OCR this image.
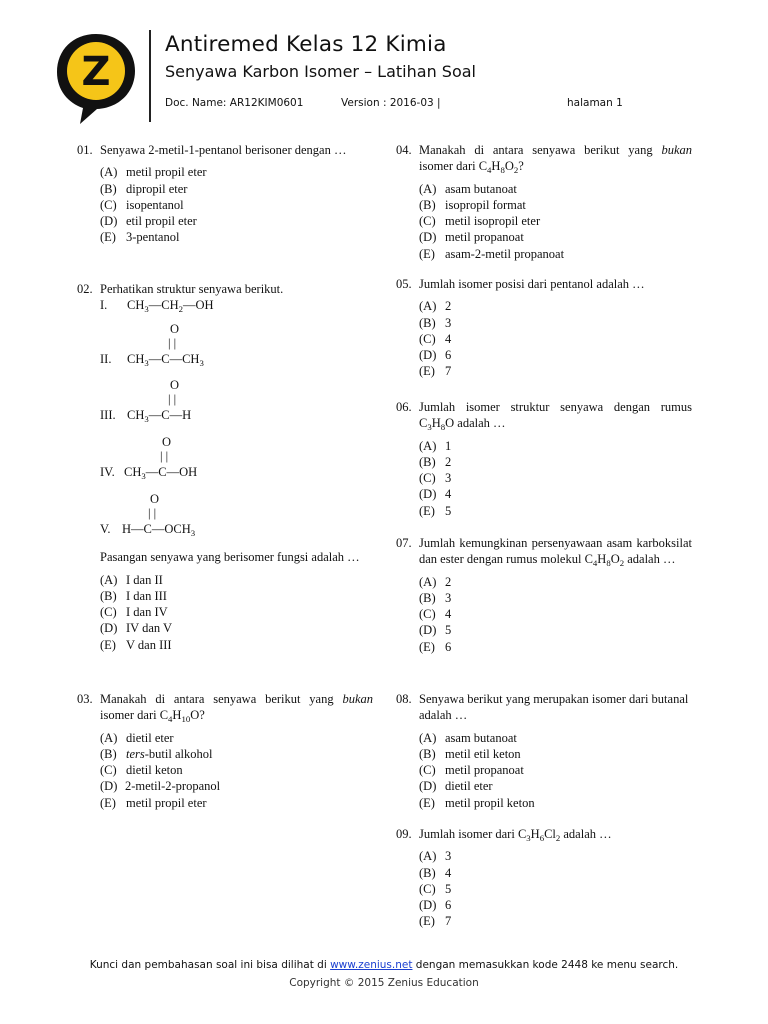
Z
Antiremed Kelas 12 Kimia
Senyawa Karbon Isomer – Latihan Soal
Doc. Name: AR12KIM0601	Version : 2016-03 |	halaman 1
01. Senyawa 2-metil-1-pentanol berisoner dengan …
(A) metil propil eter
(B) dipropil eter
(C) isopentanol
(D) etil propil eter
(E) 3-pentanol
02. Perhatikan struktur senyawa berikut.
I. $CH_3—CH_2—OH$
O
| |
II. $CH_3—C—CH_3$
O
| |
III. $CH_3—C—H$
O
| |
IV. $CH_3—C—OH$
O
| |
V. $H—C—OCH_3$
Pasangan senyawa yang berisomer fungsi adalah …
(A) I dan II
(B) I dan III
(C) I dan IV
(D) IV dan V
(E) V dan III
03. Manakah di antara senyawa berikut yang bukan isomer dari $C_4H_{10}O$?
(A) dietil eter
(B) ters-butil alkohol
(C) dietil keton
(D) 2-metil-2-propanol
(E) metil propil eter
04. Manakah di antara senyawa berikut yang bukan isomer dari $C_4H_8O_2$?
(A) asam butanoat
(B) isopropil format
(C) metil isopropil eter
(D) metil propanoat
(E) asam-2-metil propanoat
05. Jumlah isomer posisi dari pentanol adalah …
(A) 2
(B) 3
(C) 4
(D) 6
(E) 7
06. Jumlah isomer struktur senyawa dengan rumus $C_3H_8O$ adalah …
(A) 1
(B) 2
(C) 3
(D) 4
(E) 5
07. Jumlah kemungkinan persenyawaan asam karboksilat dan ester dengan rumus molekul $C_4H_8O_2$ adalah …
(A) 2
(B) 3
(C) 4
(D) 5
(E) 6
08. Senyawa berikut yang merupakan isomer dari butanal adalah …
(A) asam butanoat
(B) metil etil keton
(C) metil propanoat
(D) dietil eter
(E) metil propil keton
09. Jumlah isomer dari $C_3H_6Cl_2$ adalah …
(A) 3
(B) 4
(C) 5
(D) 6
(E) 7
Kunci dan pembahasan soal ini bisa dilihat di www.zenius.net dengan memasukkan kode 2448 ke menu search.
Copyright © 2015 Zenius Education
